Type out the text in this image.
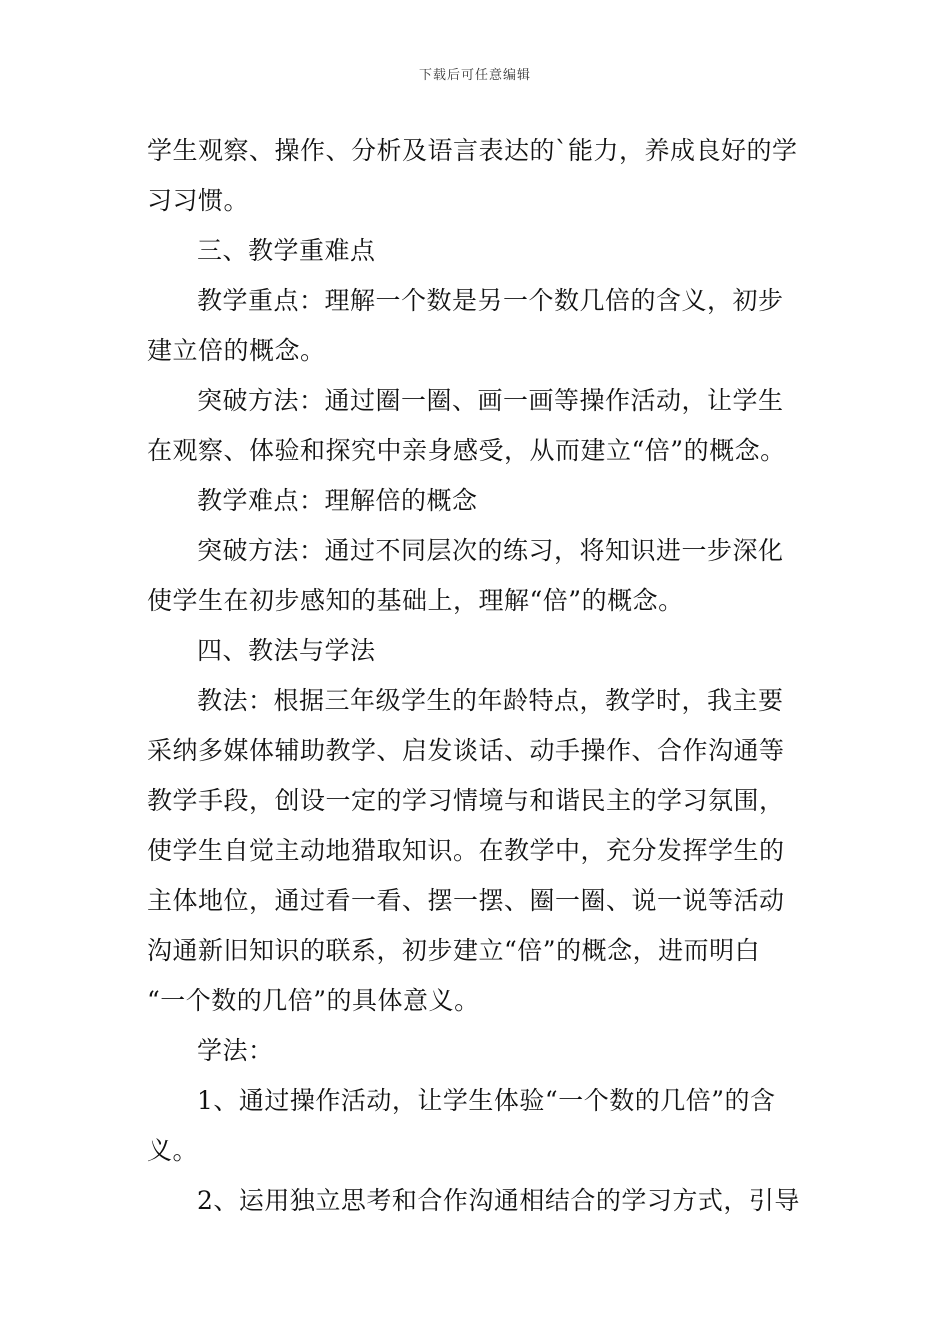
下载后可任意编辑
学生观察、操作、分析及语言表达的`能力，养成良好的学
习习惯。
三、教学重难点
教学重点：理解一个数是另一个数几倍的含义，初步
建立倍的概念。
突破方法：通过圈一圈、画一画等操作活动，让学生
在观察、体验和探究中亲身感受，从而建立“倍”的概念。
教学难点：理解倍的概念
突破方法：通过不同层次的练习，将知识进一步深化
使学生在初步感知的基础上，理解“倍”的概念。
四、教法与学法
教法：根据三年级学生的年龄特点，教学时，我主要
采纳多媒体辅助教学、启发谈话、动手操作、合作沟通等
教学手段，创设一定的学习情境与和谐民主的学习氛围，
使学生自觉主动地猎取知识。在教学中，充分发挥学生的
主体地位，通过看一看、摆一摆、圈一圈、说一说等活动
沟通新旧知识的联系，初步建立“倍”的概念，进而明白
“一个数的几倍”的具体意义。
学法：
1、通过操作活动，让学生体验“一个数的几倍”的含
义。
2、运用独立思考和合作沟通相结合的学习方式，引导
